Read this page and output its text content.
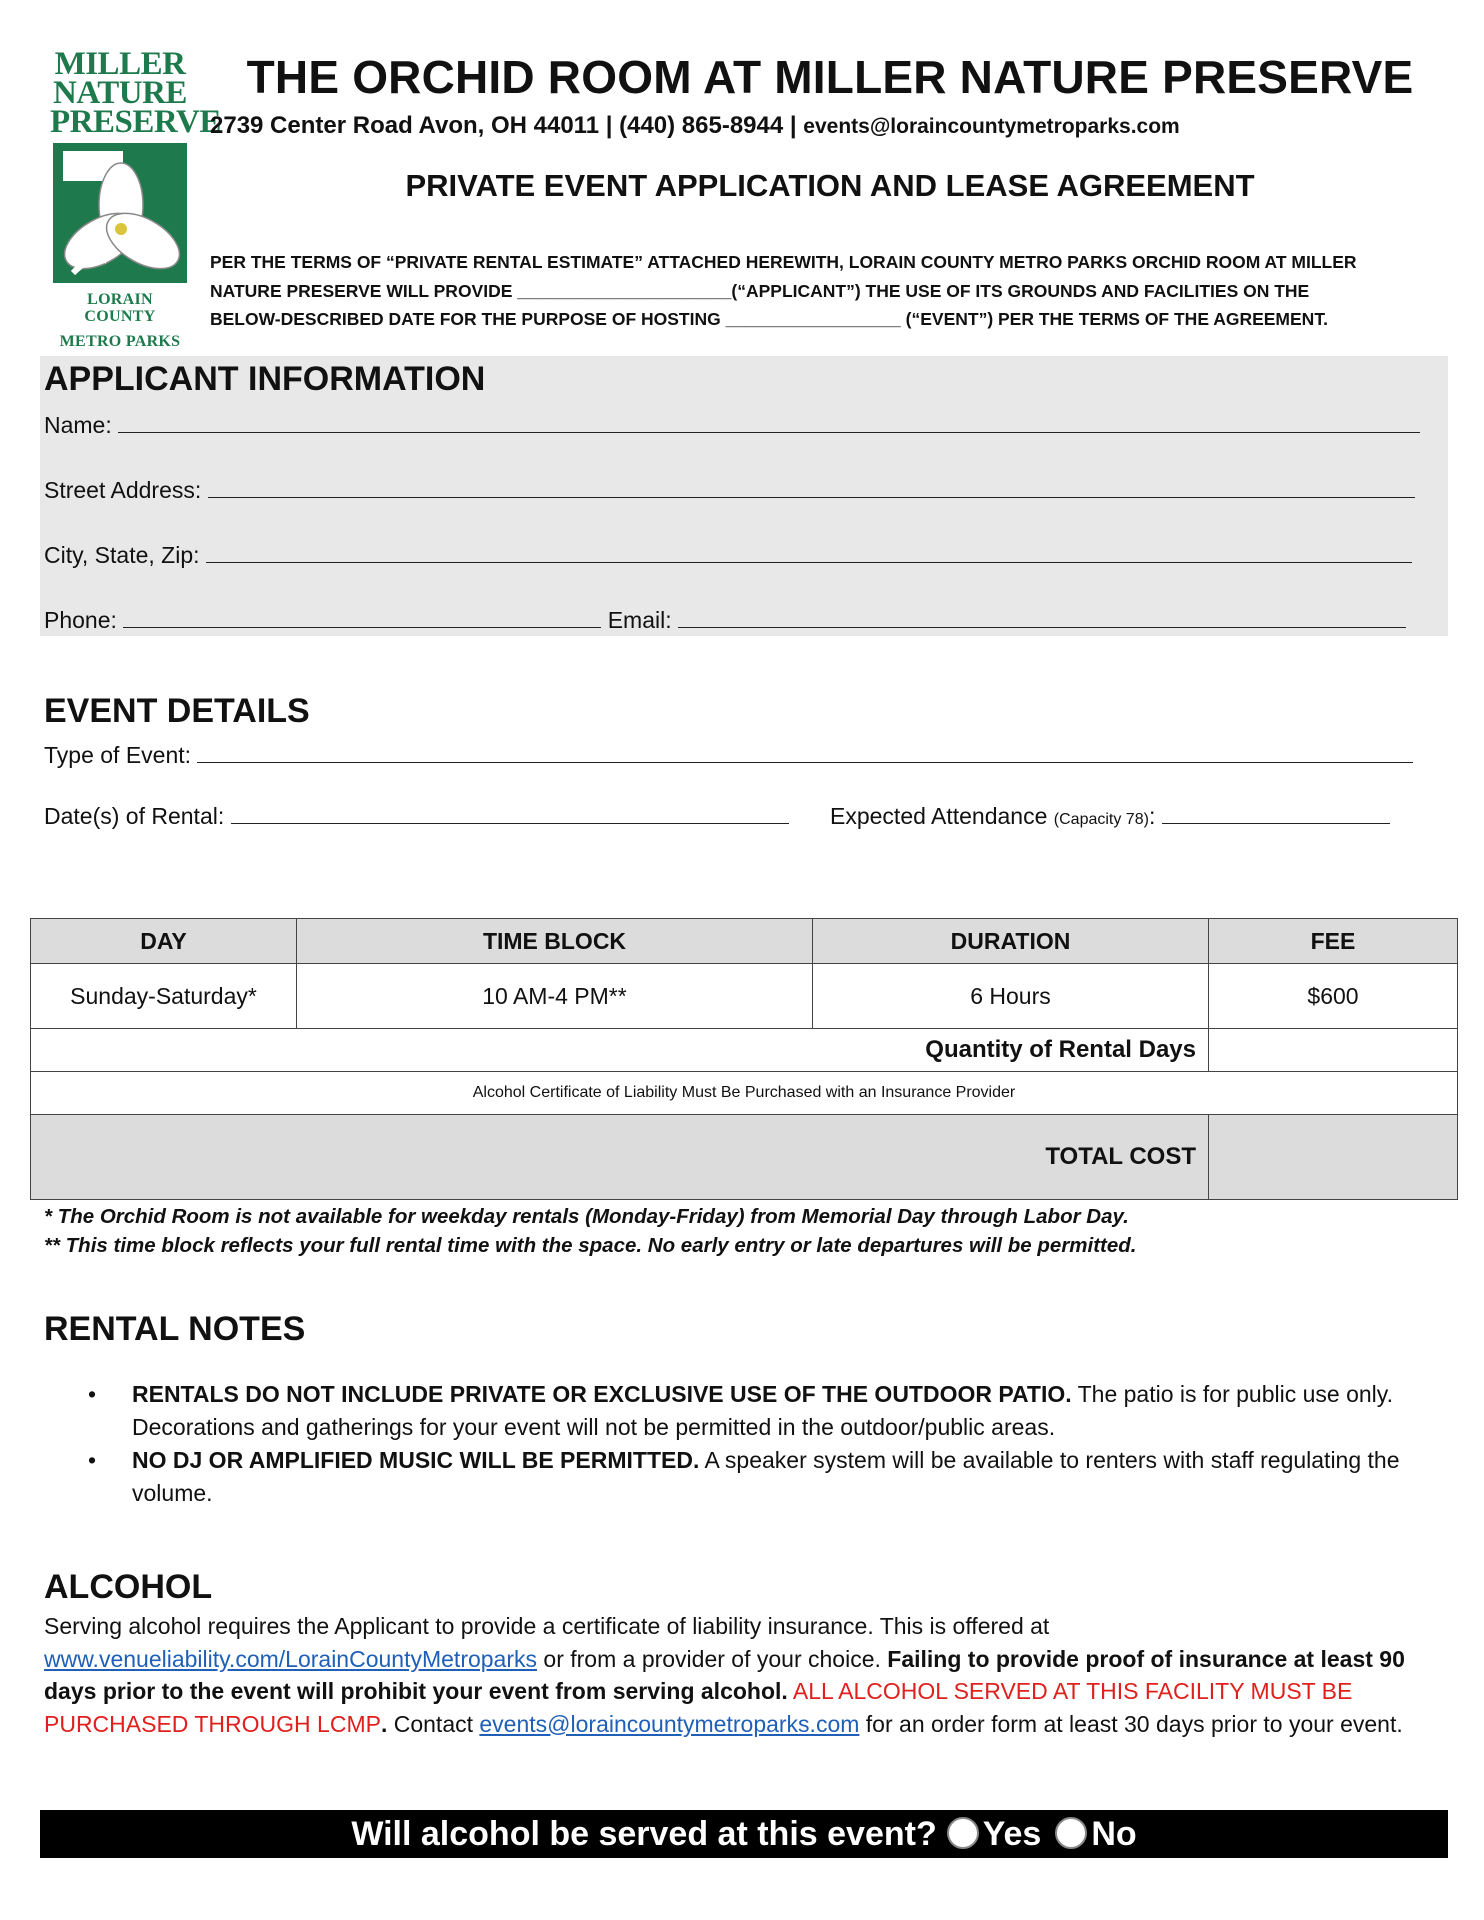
MILLER
NATURE
PRESERVE
LORAIN COUNTY
METRO PARKS
THE ORCHID ROOM AT MILLER NATURE PRESERVE
2739 Center Road Avon, OH 44011 | (440) 865-8944 | events@loraincountymetroparks.com
PRIVATE EVENT APPLICATION AND LEASE AGREEMENT
PER THE TERMS OF “PRIVATE RENTAL ESTIMATE” ATTACHED HEREWITH, LORAIN COUNTY METRO PARKS ORCHID ROOM AT MILLER
NATURE PRESERVE WILL PROVIDE ______________________(“APPLICANT”) THE USE OF ITS GROUNDS AND FACILITIES ON THE
BELOW-DESCRIBED DATE FOR THE PURPOSE OF HOSTING __________________ (“EVENT”) PER THE TERMS OF THE AGREEMENT.
APPLICANT INFORMATION
Name:
Street Address:
City, State, Zip:
Phone:	Email:
EVENT DETAILS
Type of Event:
Date(s) of Rental:	Expected Attendance (Capacity 78):
DAY	TIME BLOCK	DURATION	FEE
Sunday-Saturday*	10 AM-4 PM**	6 Hours	$600
Quantity of Rental Days			
Alcohol Certificate of Liability Must Be Purchased with an Insurance Provider			
TOTAL COST			
* The Orchid Room is not available for weekday rentals (Monday-Friday) from Memorial Day through Labor Day.
** This time block reflects your full rental time with the space. No early entry or late departures will be permitted.
RENTAL NOTES
• RENTALS DO NOT INCLUDE PRIVATE OR EXCLUSIVE USE OF THE OUTDOOR PATIO. The patio is for public use only. Decorations and gatherings for your event will not be permitted in the outdoor/public areas.
• NO DJ OR AMPLIFIED MUSIC WILL BE PERMITTED. A speaker system will be available to renters with staff regulating the volume.
ALCOHOL
Serving alcohol requires the Applicant to provide a certificate of liability insurance. This is offered at www.venueliability.com/LorainCountyMetroparks or from a provider of your choice. Failing to provide proof of insurance at least 90 days prior to the event will prohibit your event from serving alcohol. ALL ALCOHOL SERVED AT THIS FACILITY MUST BE PURCHASED THROUGH LCMP. Contact events@loraincountymetroparks.com for an order form at least 30 days prior to your event.
Will alcohol be served at this event? Yes No
